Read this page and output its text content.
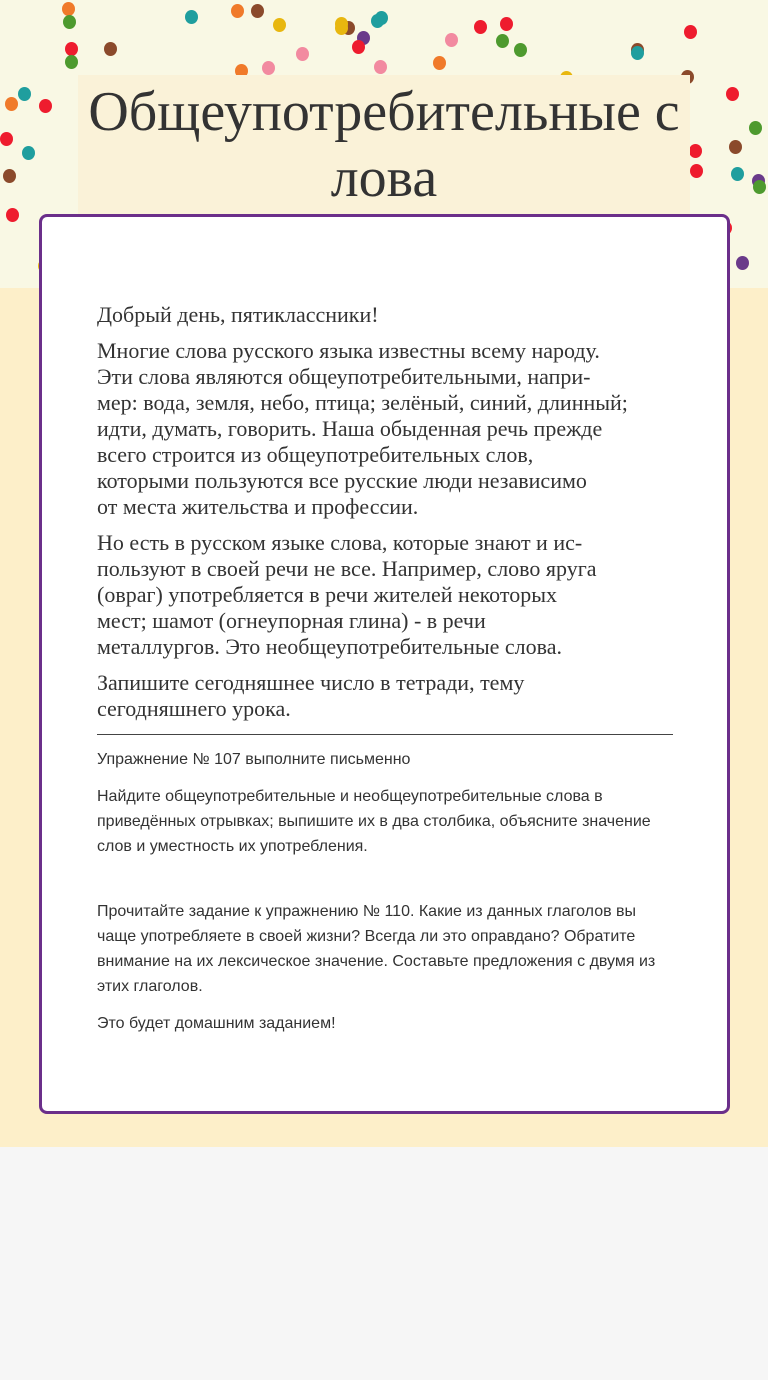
Общеупотребительные слова

Добрый день, пятиклассники!

Многие слова русского языка известны всему народу.
Эти слова являются общеупотребительными, напри-
мер: вода, земля, небо, птица; зелёный, синий, длинный;
идти, думать, говорить. Наша обыденная речь прежде
всего строится из общеупотребительных слов,
которыми пользуются все русские люди независимо
от места жительства и профессии.

Но есть в русском языке слова, которые знают и ис-
пользуют в своей речи не все. Например, слово яруга
(овраг) употребляется в речи жителей некоторых
мест; шамот (огнеупорная глина) - в речи
металлургов. Это необщеупотребительные слова.

Запишите сегодняшнее число в тетради, тему
сегодняшнего урока.

Упражнение № 107 выполните письменно

Найдите общеупотребительные и необщеупотребительные слова в приведённых отрывках; выпишите их в два столбика, объясните значение слов и уместность их употребления.

Прочитайте задание к упражнению № 110. Какие из данных глаголов вы чаще употребляете в своей жизни? Всегда ли это оправдано? Обратите внимание на их лексическое значение. Составьте предложения с двумя из этих глаголов.

Это будет домашним заданием!
